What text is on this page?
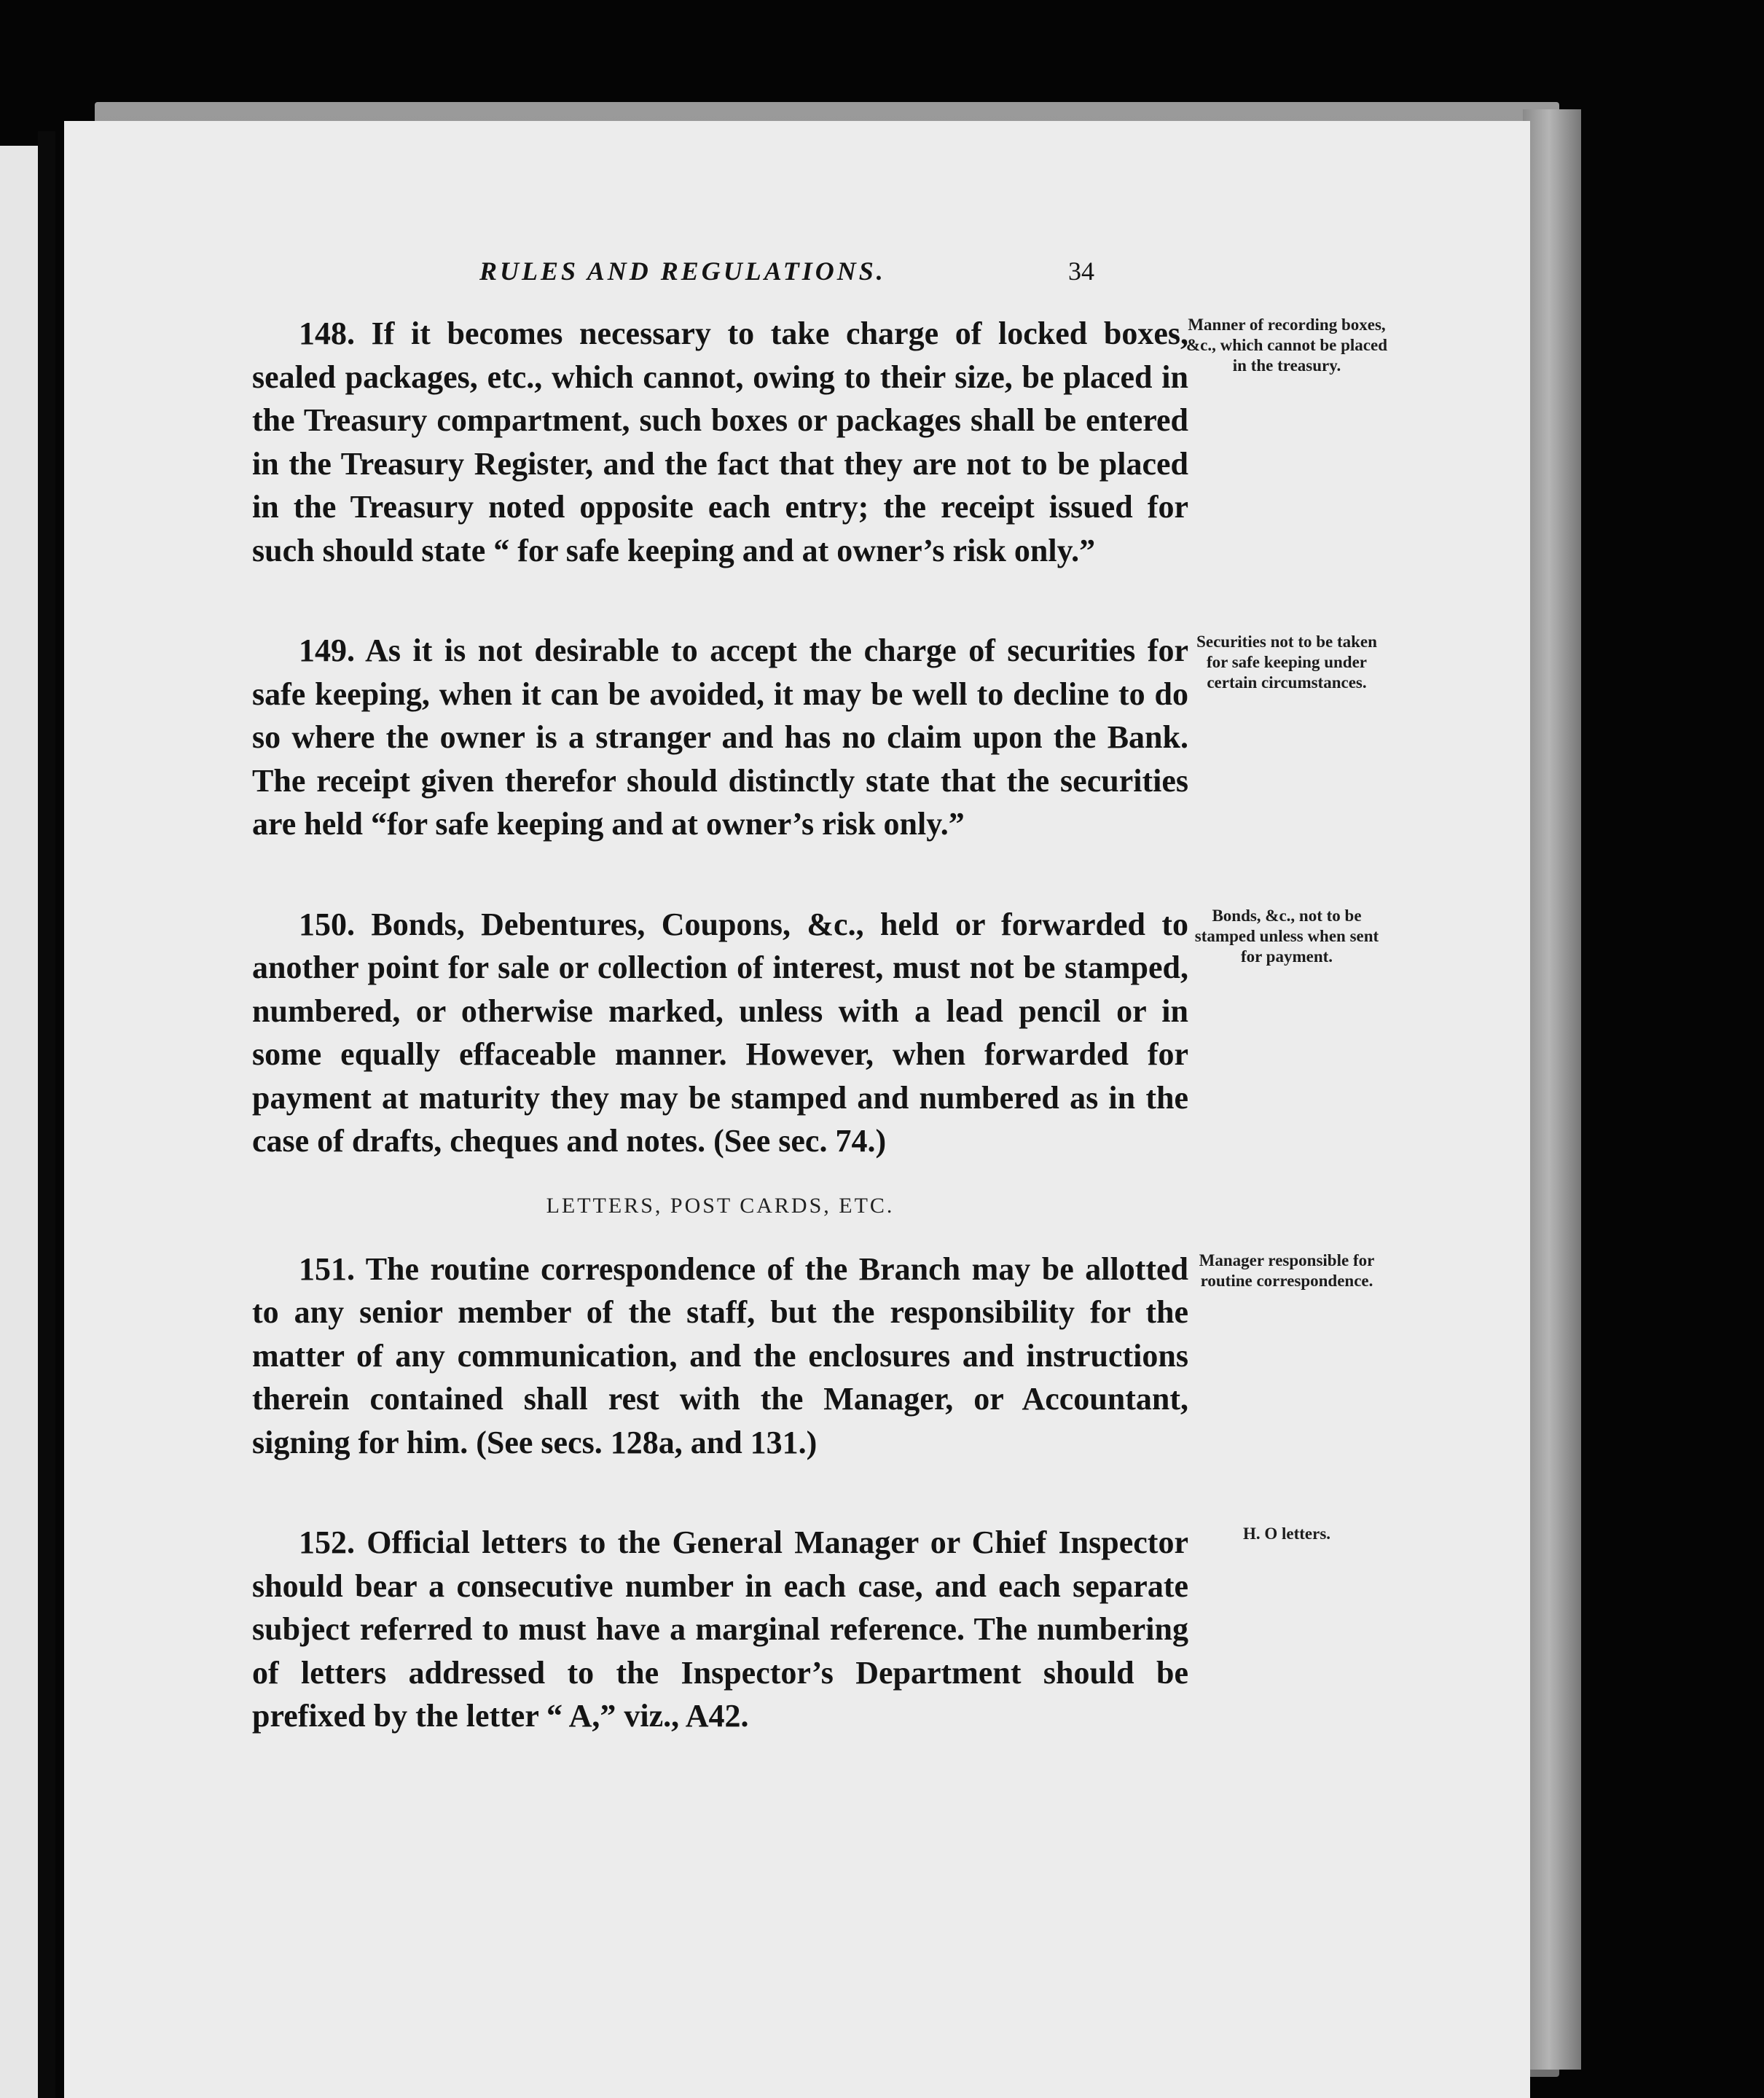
RULES AND REGULATIONS.	34

148. If it becomes necessary to take charge of locked boxes, sealed packages, etc., which cannot, owing to their size, be placed in the Treasury compartment, such boxes or packages shall be entered in the Treasury Register, and the fact that they are not to be placed in the Treasury noted opposite each entry; the receipt issued for such should state “ for safe keeping and at owner’s risk only.”

Manner of recording boxes, &c., which cannot be placed in the treasury.

149. As it is not desirable to accept the charge of securities for safe keeping, when it can be avoided, it may be well to decline to do so where the owner is a stranger and has no claim upon the Bank. The receipt given therefor should distinctly state that the securities are held “for safe keeping and at owner’s risk only.”

Securities not to be taken for safe keeping under certain circumstances.

150. Bonds, Debentures, Coupons, &c., held or forwarded to another point for sale or collection of interest, must not be stamped, numbered, or otherwise marked, unless with a lead pencil or in some equally effaceable manner. However, when forwarded for payment at maturity they may be stamped and numbered as in the case of drafts, cheques and notes. (See sec. 74.)

Bonds, &c., not to be stamped unless when sent for payment.
LETTERS, POST CARDS, ETC.

151. The routine correspondence of the Branch may be allotted to any senior member of the staff, but the responsibility for the matter of any communication, and the enclosures and instructions therein contained shall rest with the Manager, or Accountant, signing for him. (See secs. 128a, and 131.)

Manager responsible for routine correspondence.

152. Official letters to the General Manager or Chief Inspector should bear a consecutive number in each case, and each separate subject referred to must have a marginal reference. The numbering of letters addressed to the Inspector’s Department should be prefixed by the letter “ A,” viz., A42.

H. O letters.
